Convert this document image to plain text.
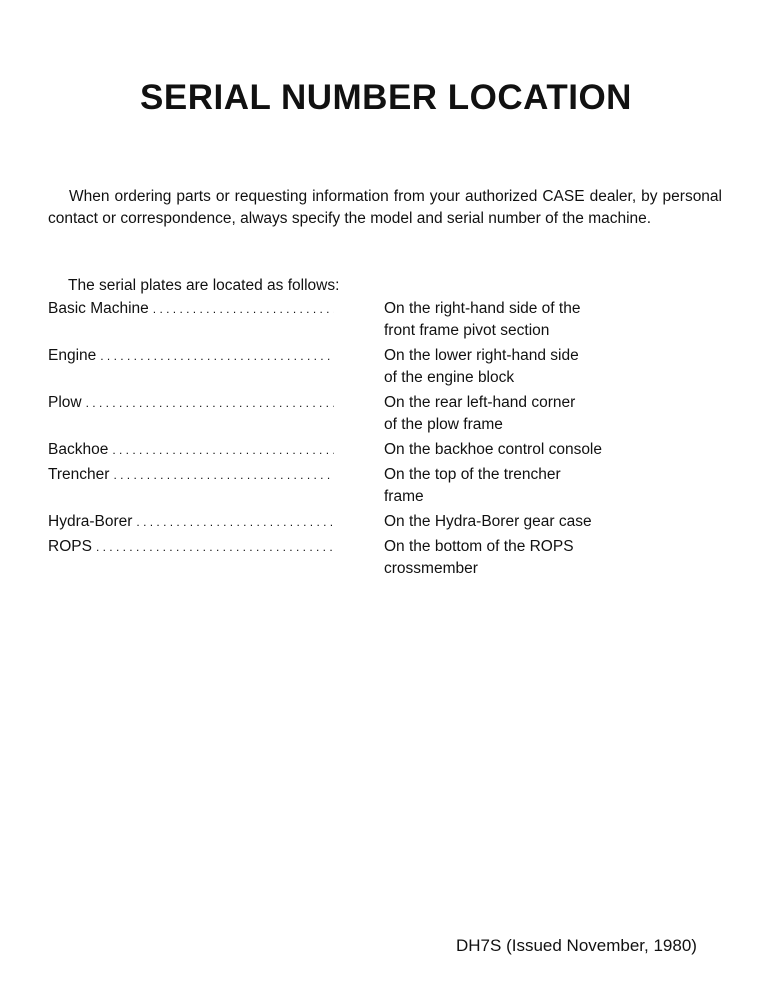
SERIAL NUMBER LOCATION

When ordering parts or requesting information from your authorized CASE dealer, by personal contact or correspondence, always specify the model and serial number of the machine.

The serial plates are located as follows:

Basic Machine . . .	On the right-hand side of the
front frame pivot section
Engine . . .	On the lower right-hand side
of the engine block
Plow . . .	On the rear left-hand corner
of the plow frame
Backhoe . . .	On the backhoe control console
Trencher . . .	On the top of the trencher
frame
Hydra-Borer . . .	On the Hydra-Borer gear case
ROPS . . .	On the bottom of the ROPS
crossmember

DH7S (Issued November, 1980)
